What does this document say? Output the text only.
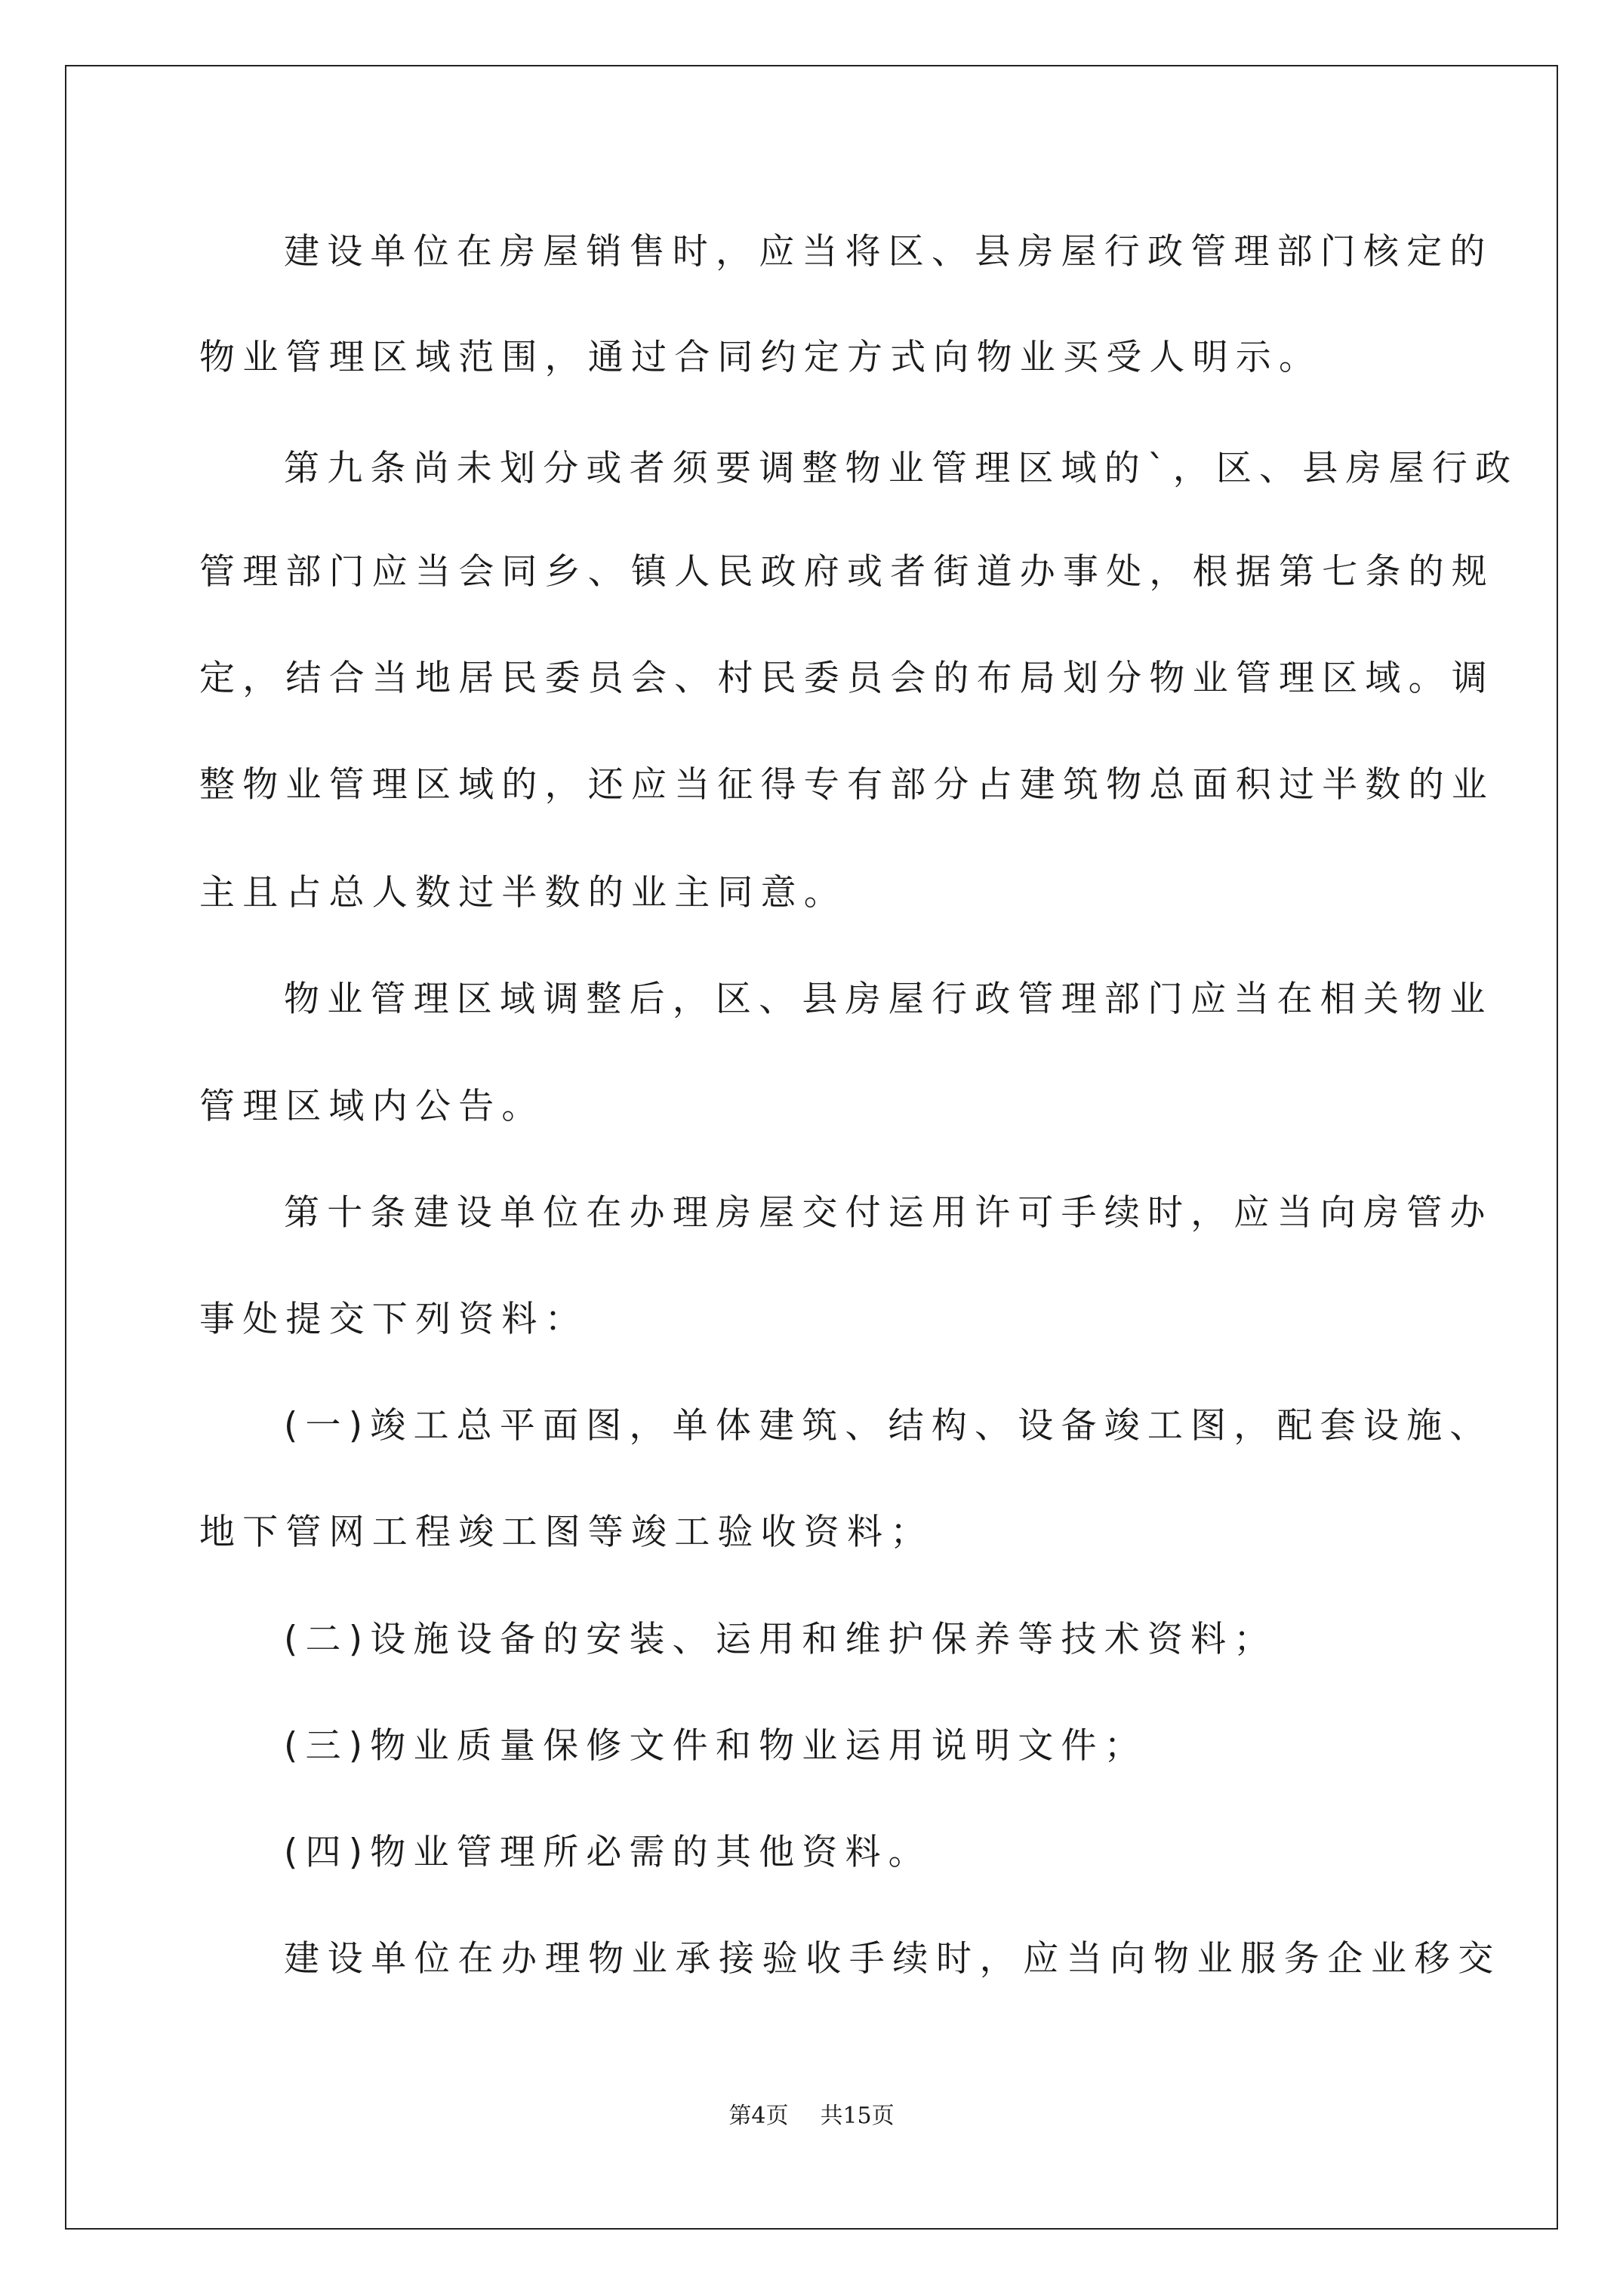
建设单位在房屋销售时，应当将区、县房屋行政管理部门核定的
物业管理区域范围，通过合同约定方式向物业买受人明示。
第九条尚未划分或者须要调整物业管理区域的`，区、县房屋行政
管理部门应当会同乡、镇人民政府或者街道办事处，根据第七条的规
定，结合当地居民委员会、村民委员会的布局划分物业管理区域。调
整物业管理区域的，还应当征得专有部分占建筑物总面积过半数的业
主且占总人数过半数的业主同意。
物业管理区域调整后，区、县房屋行政管理部门应当在相关物业
管理区域内公告。
第十条建设单位在办理房屋交付运用许可手续时，应当向房管办
事处提交下列资料：
(一)竣工总平面图，单体建筑、结构、设备竣工图，配套设施、
地下管网工程竣工图等竣工验收资料；
(二)设施设备的安装、运用和维护保养等技术资料；
(三)物业质量保修文件和物业运用说明文件；
(四)物业管理所必需的其他资料。
建设单位在办理物业承接验收手续时，应当向物业服务企业移交
第4页 共15页
